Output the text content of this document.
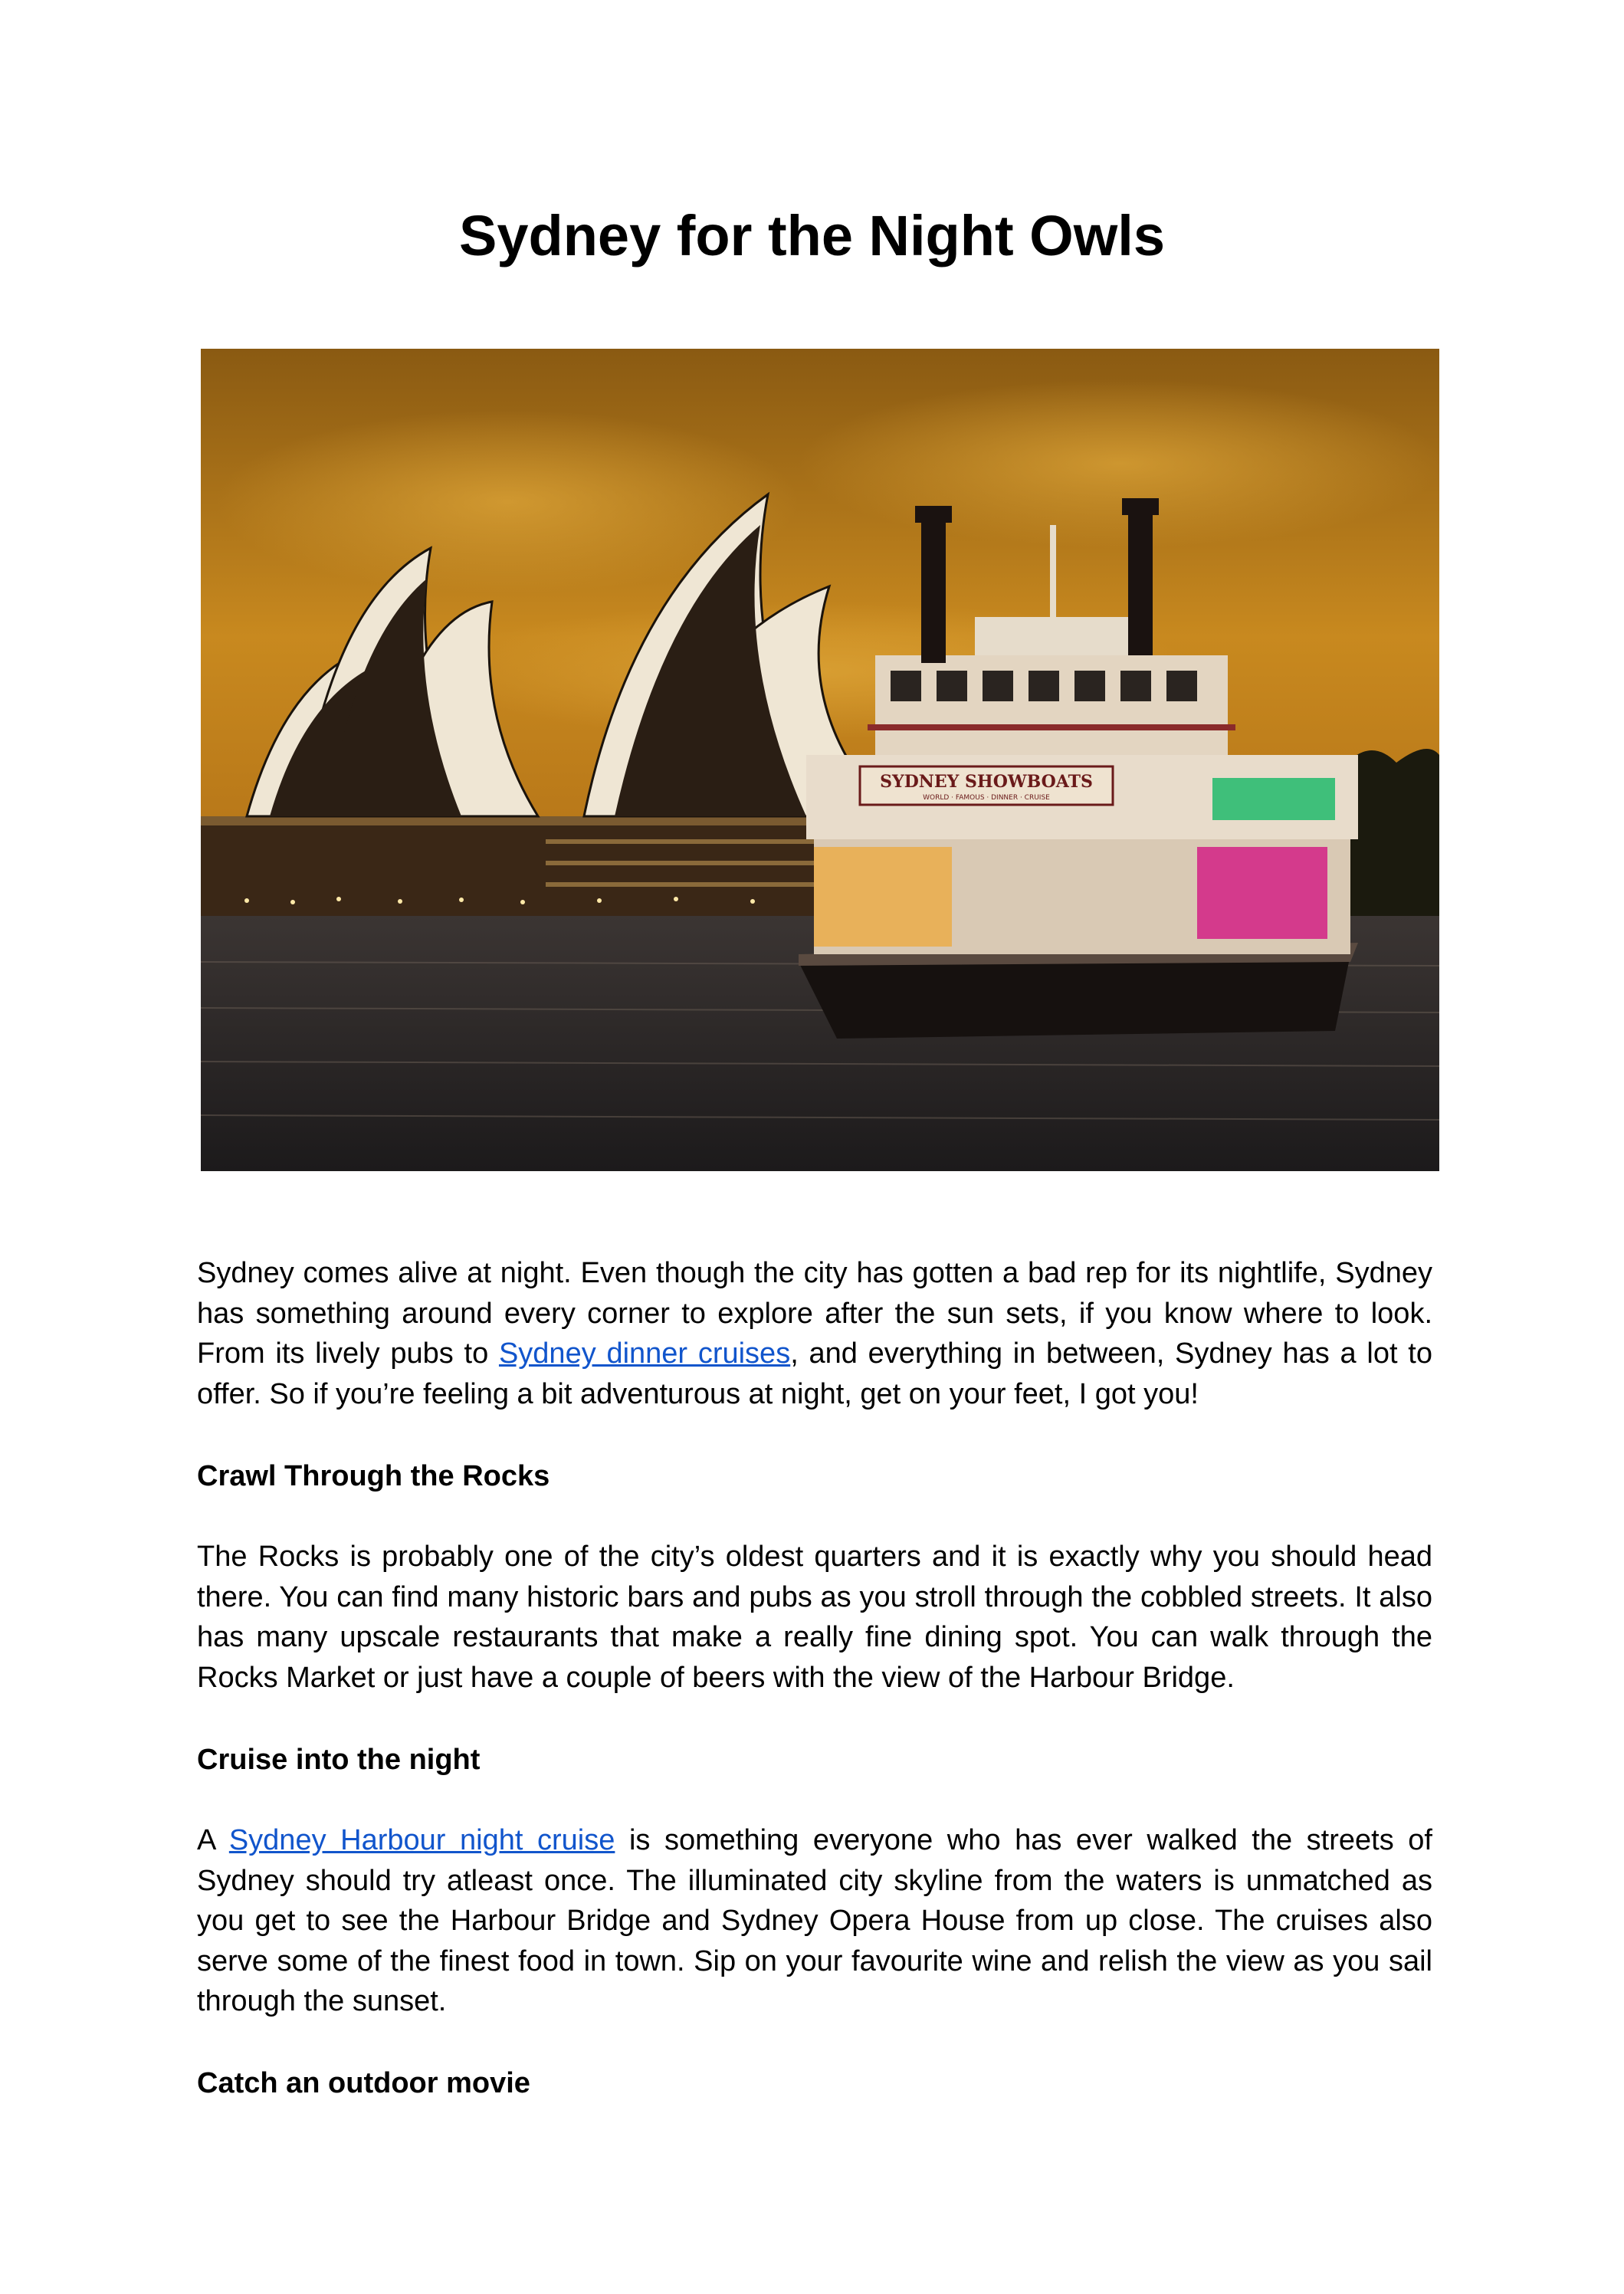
Sydney for the Night Owls
SYDNEY SHOWBOATS
WORLD · FAMOUS · DINNER · CRUISE

Sydney comes alive at night. Even though the city has gotten a bad rep for its nightlife, Sydney has something around every corner to explore after the sun sets, if you know where to look. From its lively pubs to Sydney dinner cruises, and everything in between, Sydney has a lot to offer. So if you’re feeling a bit adventurous at night, get on your feet, I got you!

Crawl Through the Rocks

The Rocks is probably one of the city’s oldest quarters and it is exactly why you should head there. You can find many historic bars and pubs as you stroll through the cobbled streets. It also has many upscale restaurants that make a really fine dining spot. You can walk through the Rocks Market or just have a couple of beers with the view of the Harbour Bridge.

Cruise into the night

A Sydney Harbour night cruise is something everyone who has ever walked the streets of Sydney should try atleast once. The illuminated city skyline from the waters is unmatched as you get to see the Harbour Bridge and Sydney Opera House from up close. The cruises also serve some of the finest food in town. Sip on your favourite wine and relish the view as you sail through the sunset.

Catch an outdoor movie
